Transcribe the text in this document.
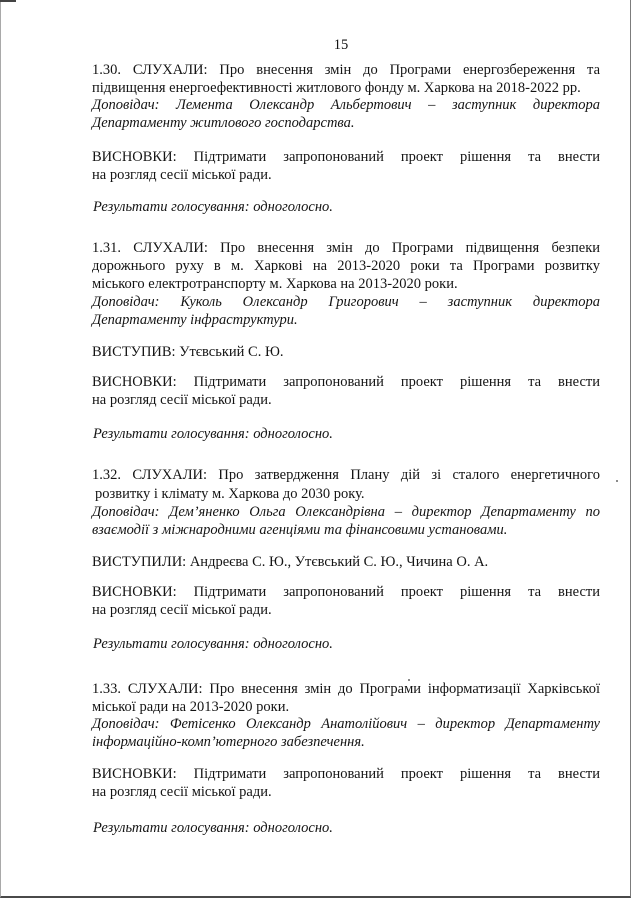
15
1.30. СЛУХАЛИ: Про внесення змін до Програми енергозбереження та
підвищення енергоефективності житлового фонду м. Харкова на 2018-2022 рр.
Доповідач: Лемента Олександр Альбертович – заступник директора
Департаменту житлового господарства.
ВИСНОВКИ: Підтримати запропонований проект рішення та внести
на розгляд сесії міської ради.
Результати голосування: одноголосно.
1.31. СЛУХАЛИ: Про внесення змін до Програми підвищення безпеки
дорожнього руху в м. Харкові на 2013-2020 роки та Програми розвитку
міського електротранспорту м. Харкова на 2013-2020 роки.
Доповідач: Куколь Олександр Григорович – заступник директора
Департаменту інфраструктури.
ВИСТУПИВ: Утєвський С. Ю.
ВИСНОВКИ: Підтримати запропонований проект рішення та внести
на розгляд сесії міської ради.
Результати голосування: одноголосно.
1.32. СЛУХАЛИ: Про затвердження Плану дій зі сталого енергетичного
розвитку і клімату м. Харкова до 2030 року.
Доповідач: Дем’яненко Ольга Олександрівна – директор Департаменту по
взаємодії з міжнародними агенціями та фінансовими установами.
ВИСТУПИЛИ: Андреєва С. Ю., Утєвський С. Ю., Чичина О. А.
ВИСНОВКИ: Підтримати запропонований проект рішення та внести
на розгляд сесії міської ради.
Результати голосування: одноголосно.
1.33. СЛУХАЛИ: Про внесення змін до Програми інформатизації Харківської
міської ради на 2013-2020 роки.
Доповідач: Фетісенко Олександр Анатолійович – директор Департаменту
інформаційно-комп’ютерного забезпечення.
ВИСНОВКИ: Підтримати запропонований проект рішення та внести
на розгляд сесії міської ради.
Результати голосування: одноголосно.
